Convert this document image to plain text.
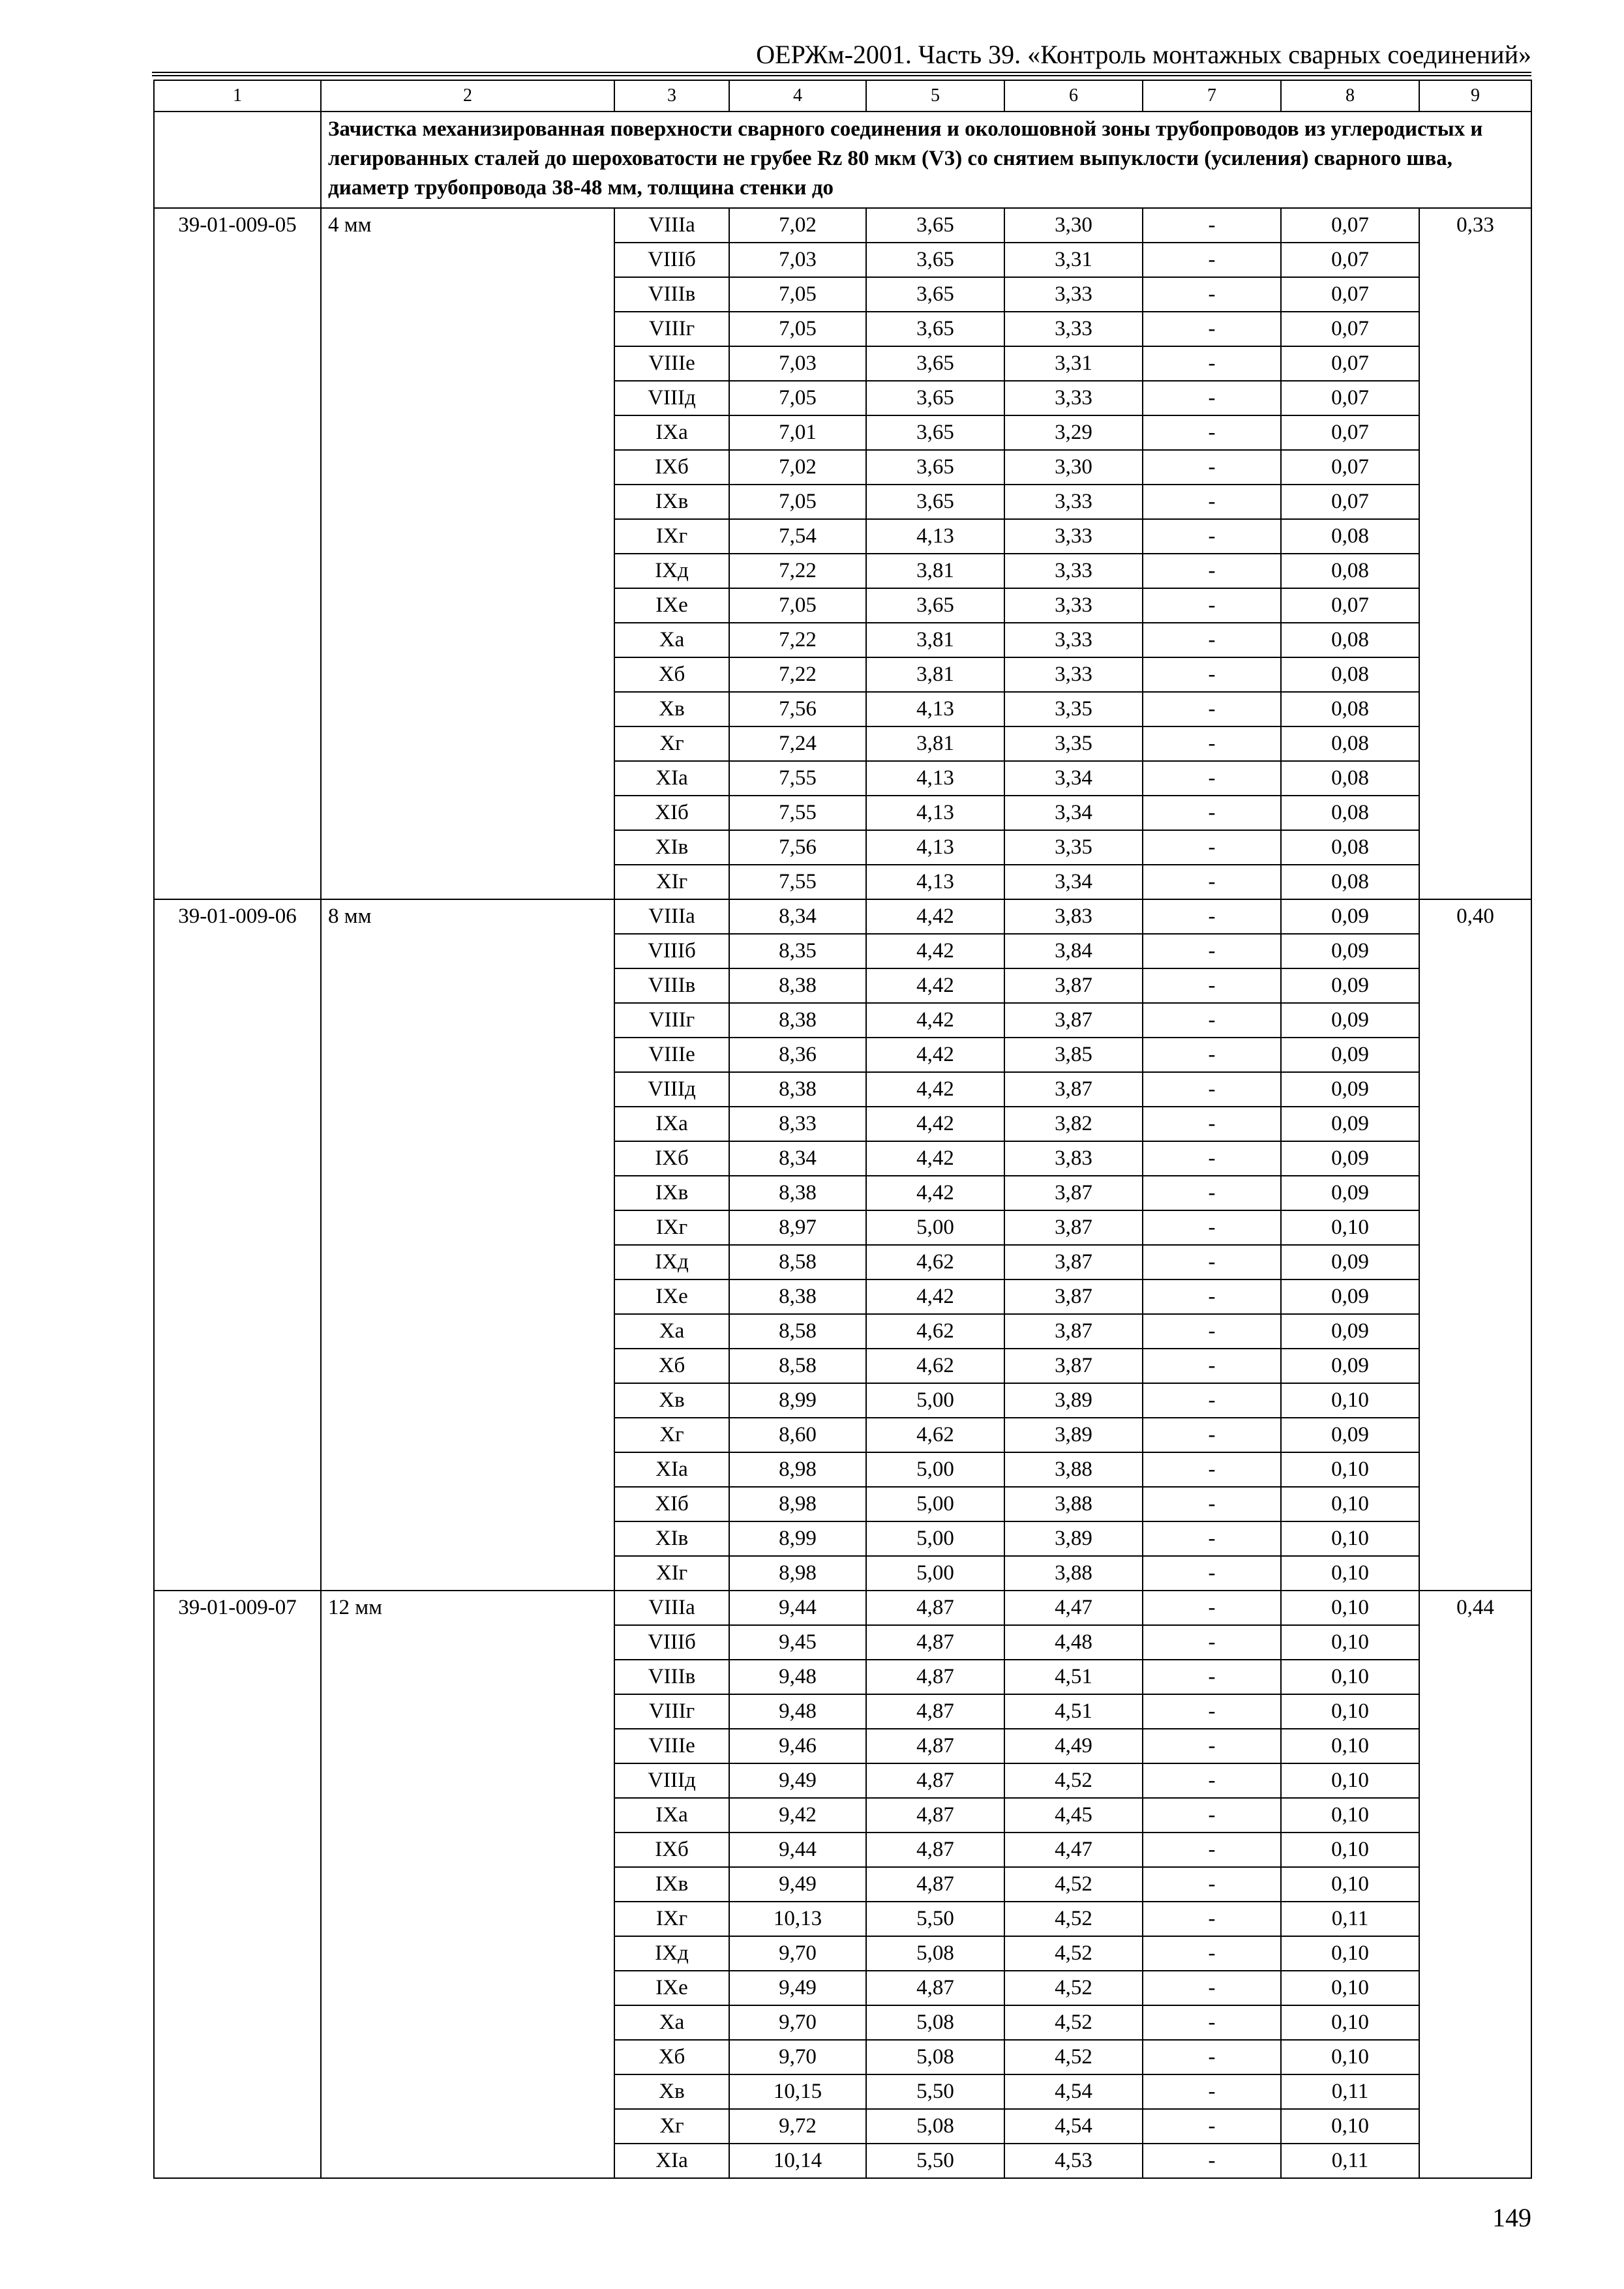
ОЕРЖм-2001. Часть 39. «Контроль монтажных сварных соединений»
1	2	3	4	5	6	7	8	9
	Зачистка механизированная поверхности сварного соединения и околошовной зоны трубопроводов из углеродистых и легированных сталей до шероховатости не грубее Rz 80 мкм (V3) со снятием выпуклости (усиления) сварного шва, диаметр трубопровода 38-48 мм, толщина стенки до							
39-01-009-05	4 мм	VIIIа	7,02	3,65	3,30	-	0,07	0,33
		VIIIб	7,03	3,65	3,31	-	0,07	
		VIIIв	7,05	3,65	3,33	-	0,07	
		VIIIг	7,05	3,65	3,33	-	0,07	
		VIIIе	7,03	3,65	3,31	-	0,07	
		VIIIд	7,05	3,65	3,33	-	0,07	
		IXа	7,01	3,65	3,29	-	0,07	
		IXб	7,02	3,65	3,30	-	0,07	
		IXв	7,05	3,65	3,33	-	0,07	
		IXг	7,54	4,13	3,33	-	0,08	
		IXд	7,22	3,81	3,33	-	0,08	
		IXе	7,05	3,65	3,33	-	0,07	
		Xа	7,22	3,81	3,33	-	0,08	
		Xб	7,22	3,81	3,33	-	0,08	
		Xв	7,56	4,13	3,35	-	0,08	
		Xг	7,24	3,81	3,35	-	0,08	
		XIа	7,55	4,13	3,34	-	0,08	
		XIб	7,55	4,13	3,34	-	0,08	
		XIв	7,56	4,13	3,35	-	0,08	
		XIг	7,55	4,13	3,34	-	0,08	
39-01-009-06	8 мм	VIIIа	8,34	4,42	3,83	-	0,09	0,40
		VIIIб	8,35	4,42	3,84	-	0,09	
		VIIIв	8,38	4,42	3,87	-	0,09	
		VIIIг	8,38	4,42	3,87	-	0,09	
		VIIIе	8,36	4,42	3,85	-	0,09	
		VIIIд	8,38	4,42	3,87	-	0,09	
		IXа	8,33	4,42	3,82	-	0,09	
		IXб	8,34	4,42	3,83	-	0,09	
		IXв	8,38	4,42	3,87	-	0,09	
		IXг	8,97	5,00	3,87	-	0,10	
		IXд	8,58	4,62	3,87	-	0,09	
		IXе	8,38	4,42	3,87	-	0,09	
		Xа	8,58	4,62	3,87	-	0,09	
		Xб	8,58	4,62	3,87	-	0,09	
		Xв	8,99	5,00	3,89	-	0,10	
		Xг	8,60	4,62	3,89	-	0,09	
		XIа	8,98	5,00	3,88	-	0,10	
		XIб	8,98	5,00	3,88	-	0,10	
		XIв	8,99	5,00	3,89	-	0,10	
		XIг	8,98	5,00	3,88	-	0,10	
39-01-009-07	12 мм	VIIIа	9,44	4,87	4,47	-	0,10	0,44
		VIIIб	9,45	4,87	4,48	-	0,10	
		VIIIв	9,48	4,87	4,51	-	0,10	
		VIIIг	9,48	4,87	4,51	-	0,10	
		VIIIе	9,46	4,87	4,49	-	0,10	
		VIIIд	9,49	4,87	4,52	-	0,10	
		IXа	9,42	4,87	4,45	-	0,10	
		IXб	9,44	4,87	4,47	-	0,10	
		IXв	9,49	4,87	4,52	-	0,10	
		IXг	10,13	5,50	4,52	-	0,11	
		IXд	9,70	5,08	4,52	-	0,10	
		IXе	9,49	4,87	4,52	-	0,10	
		Xа	9,70	5,08	4,52	-	0,10	
		Xб	9,70	5,08	4,52	-	0,10	
		Xв	10,15	5,50	4,54	-	0,11	
		Xг	9,72	5,08	4,54	-	0,10	
		XIа	10,14	5,50	4,53	-	0,11	
149
